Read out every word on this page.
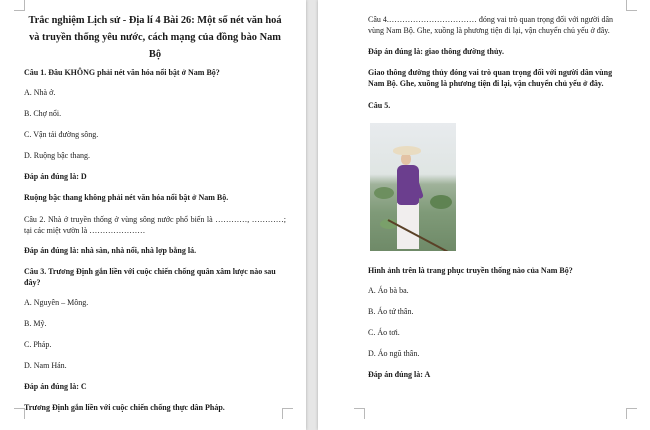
Trắc nghiệm Lịch sử - Địa lí 4 Bài 26: Một số nét văn hoá và truyền thống yêu nước, cách mạng của đồng bào Nam Bộ
Câu 1. Đâu KHÔNG phải nét văn hóa nổi bật ở Nam Bộ?
A. Nhà ở.
B. Chợ nổi.
C. Vận tải đường sông.
D. Ruộng bậc thang.
Đáp án đúng là: D
Ruộng bậc thang không phải nét văn hóa nổi bật ở Nam Bộ.
Câu 2. Nhà ở truyền thống ở vùng sông nước phổ biến là …………, …………; tại các miệt vườn là …………………
Đáp án đúng là: nhà sàn, nhà nổi, nhà lợp bằng lá.
Câu 3. Trương Định gắn liền với cuộc chiến chống quân xâm lược nào sau đây?
A. Nguyên – Mông.
B. Mỹ.
C. Pháp.
D. Nam Hán.
Đáp án đúng là: C
Trương Định gắn liền với cuộc chiến chống thực dân Pháp.
Câu 4.…………………………… đóng vai trò quan trọng đối với người dân vùng Nam Bộ. Ghe, xuồng là phương tiện đi lại, vận chuyển chủ yếu ở đây.
Đáp án đúng là: giao thông đường thủy.
Giao thông đường thủy đóng vai trò quan trọng đối với người dân vùng Nam Bộ. Ghe, xuồng là phương tiện đi lại, vận chuyển chủ yếu ở đây.
Câu 5.
Hình ảnh trên là trang phục truyền thống nào của Nam Bộ?
A. Áo bà ba.
B. Áo tứ thân.
C. Áo tơi.
D. Áo ngũ thân.
Đáp án đúng là: A
